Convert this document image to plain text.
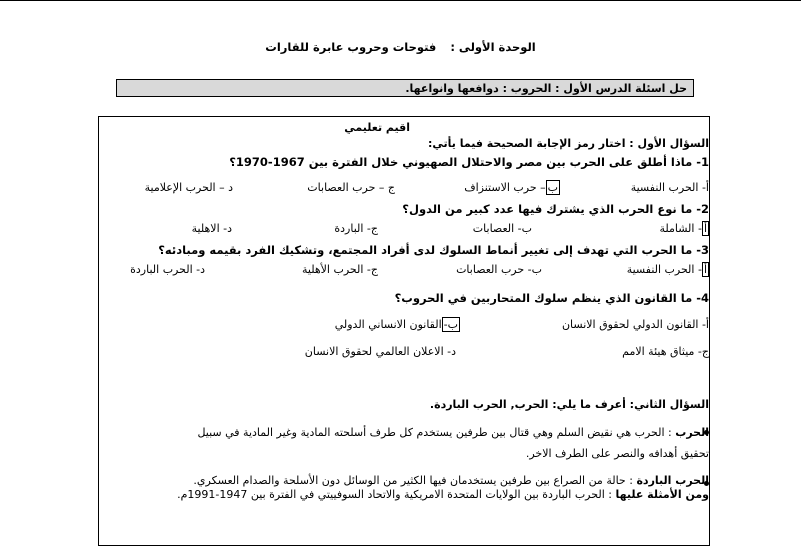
الوحدة الأولى :فتوحات وحروب عابرة للقارات
حل اسئلة الدرس الأول : الحروب : دوافعها وانواعها.
اقيم تعليمي
السؤال الأول : اختار رمز الإجابة الصحيحة فيما يأتي:
1- ماذا أطلق على الحرب بين مصر والاحتلال الصهيوني خلال الفترة بين 1967-1970؟
أ- الحرب النفسية
ب– حرب الاستنزاف
ج – حرب العصابات
د – الحرب الإعلامية
2- ما نوع الحرب الذي يشترك فيها عدد كبير من الدول؟
أ- الشاملة
ب- العصابات
ج- الباردة
د- الاهلية
3- ما الحرب التي تهدف إلى تغيير أنماط السلوك لدى أفراد المجتمع، وتشكيك الفرد بقيمه ومبادئه؟
أ- الحرب النفسية
ب- حرب العصابات
ج- الحرب الأهلية
د- الحرب الباردة
4- ما القانون الذي ينظم سلوك المتحاربين في الحروب؟
أ- القانون الدولي لحقوق الانسان
ب-القانون الانساني الدولي
ج- ميثاق هيئة الامم
د- الاعلان العالمي لحقوق الانسان
السؤال الثاني: أعرف ما يلي: الحرب, الحرب الباردة.
الحرب : الحرب هي نقيض السلم وهي قتال بين طرفين يستخدم كل طرف أسلحته المادية وغير المادية في سبيل
تحقيق أهدافه والنصر على الطرف الاخر.
الحرب الباردة : حالة من الصراع بين طرفين يستخدمان فيها الكثير من الوسائل دون الأسلحة والصدام العسكري.
ومن الأمثلة عليها : الحرب الباردة بين الولايات المتحدة الامريكية والاتحاد السوفييتي في الفترة بين 1947-1991م.
